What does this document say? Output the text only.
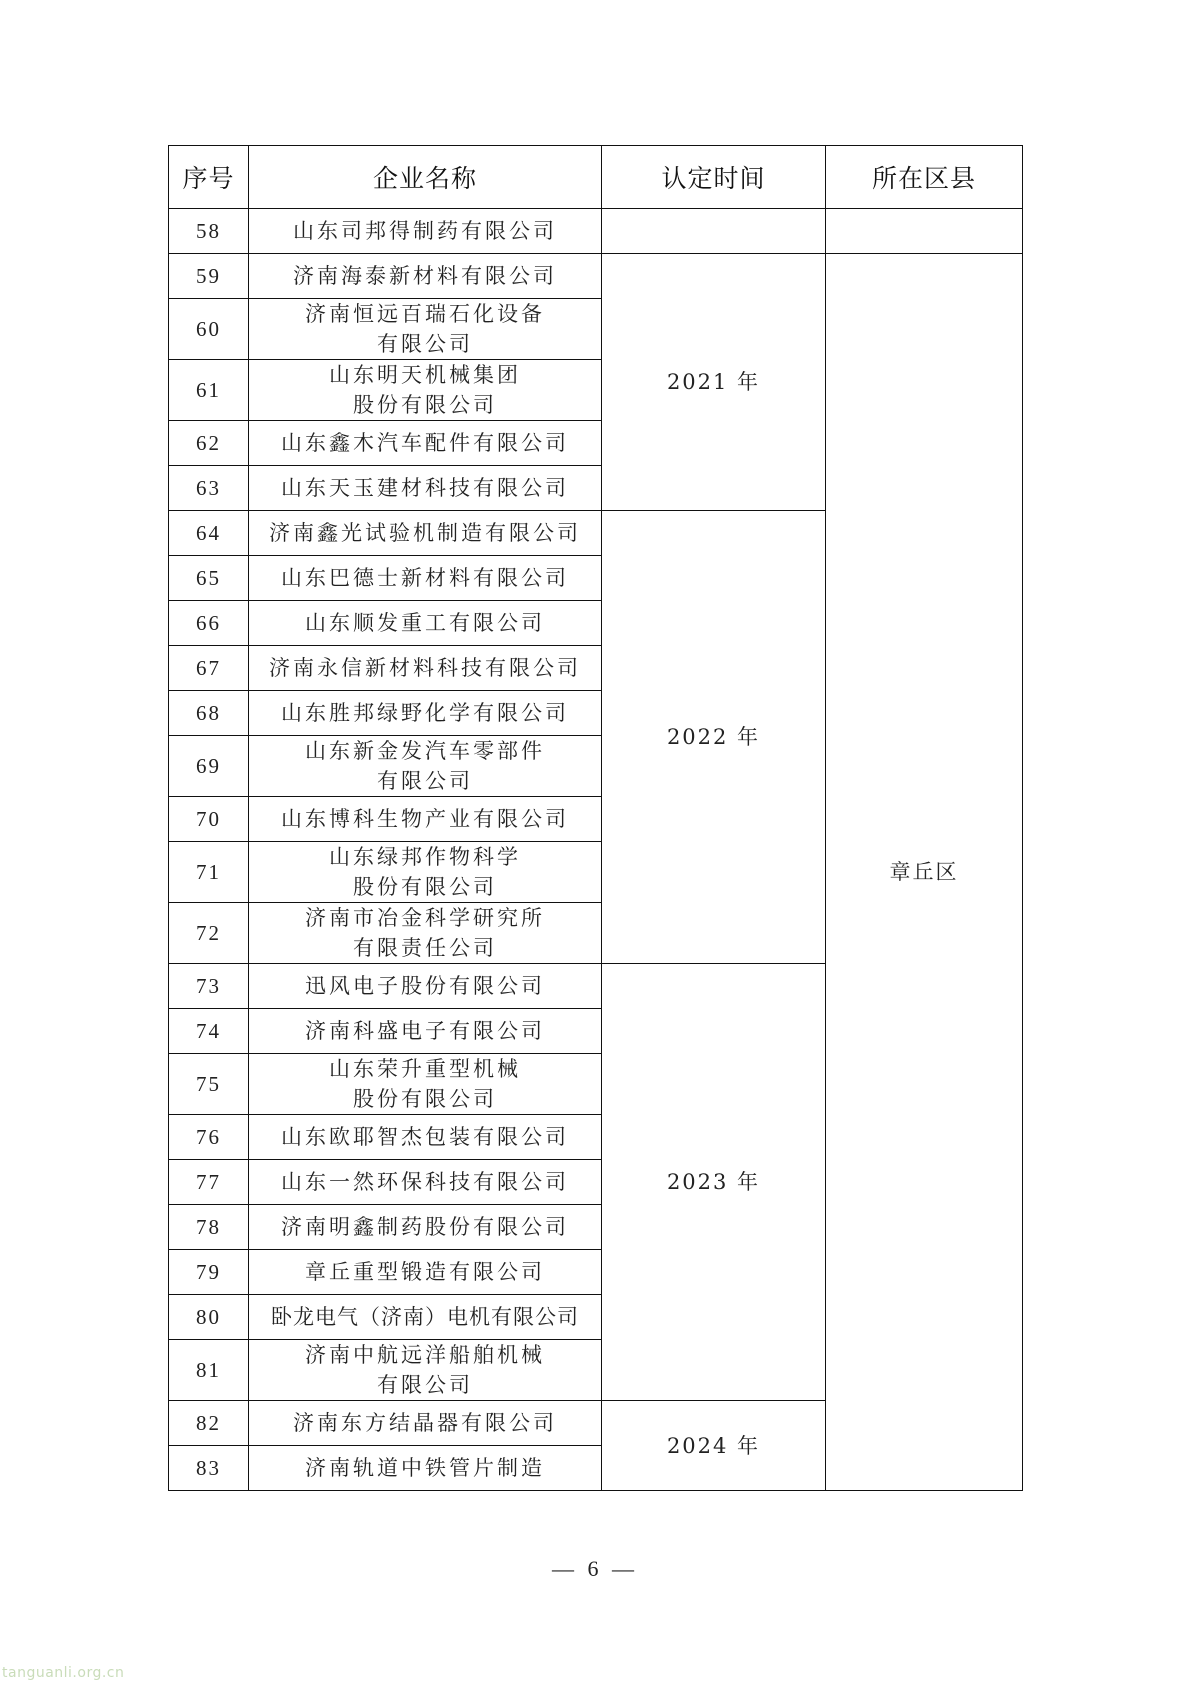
序号	企业名称	认定时间	所在区县
58	山东司邦得制药有限公司		

59	济南海泰新材料有限公司	2021 年	章丘区
60	济南恒远百瑞石化设备
有限公司		

61	山东明天机械集团
股份有限公司		

62	山东鑫木汽车配件有限公司		

63	山东天玉建材科技有限公司		

64	济南鑫光试验机制造有限公司	2022 年	
65	山东巴德士新材料有限公司		

66	山东顺发重工有限公司		

67	济南永信新材料科技有限公司		

68	山东胜邦绿野化学有限公司		

69	山东新金发汽车零部件
有限公司		

70	山东博科生物产业有限公司		

71	山东绿邦作物科学
股份有限公司		

72	济南市冶金科学研究所
有限责任公司		

73	迅风电子股份有限公司	2023 年	
74	济南科盛电子有限公司		

75	山东荣升重型机械
股份有限公司		

76	山东欧耶智杰包装有限公司		

77	山东一然环保科技有限公司		

78	济南明鑫制药股份有限公司		

79	章丘重型锻造有限公司		

80	卧龙电气（济南）电机有限公司		

81	济南中航远洋船舶机械
有限公司		

82	济南东方结晶器有限公司	2024 年	
83	济南轨道中铁管片制造		
— 6 —
tanguanli.org.cn
